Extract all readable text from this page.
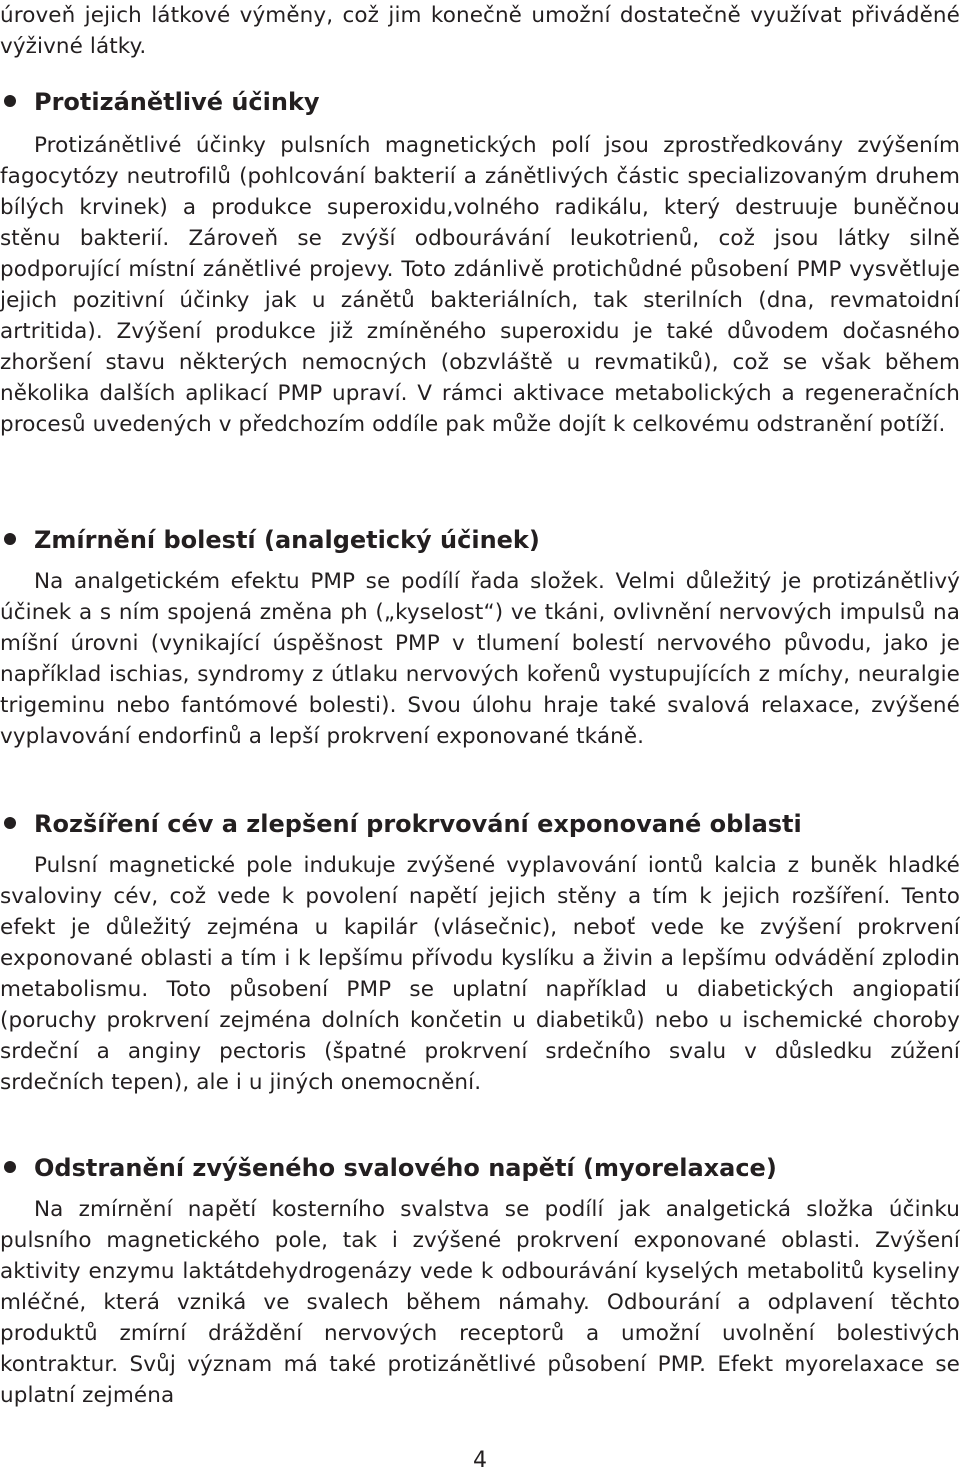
úroveň jejich látkové výměny, což jim konečně umožní dostatečně využívat přiváděné výživné látky.

Protizánětlivé účinky

Protizánětlivé účinky pulsních magnetických polí jsou zprostředkovány zvýšením fagocytózy neutrofilů (pohlcování bakterií a zánětlivých částic specializovaným druhem bílých krvinek) a produkce superoxidu,volného radikálu, který destruuje buněčnou stěnu bakterií. Zároveň se zvýší odbourávání leukotrienů, což jsou látky silně podporující místní zánětlivé projevy. Toto zdánlivě protichůdné působení PMP vysvětluje jejich pozitivní účinky jak u zánětů bakteriálních, tak sterilních (dna, revmatoidní artritida). Zvýšení produkce již zmíněného superoxidu je také důvodem dočasného zhoršení stavu některých nemocných (obzvláště u revmatiků), což se však během několika dalších aplikací PMP upraví. V rámci aktivace metabolických a regeneračních procesů uvedených v předchozím oddíle pak může dojít k celkovému odstranění potíží.

Zmírnění bolestí (analgetický účinek)

Na analgetickém efektu PMP se podílí řada složek. Velmi důležitý je protizánětlivý účinek a s ním spojená změna ph („kyselost“) ve tkáni, ovlivnění nervových impulsů na míšní úrovni (vynikající úspěšnost PMP v tlumení bolestí nervového původu, jako je například ischias, syndromy z útlaku nervových kořenů vystupujících z míchy, neuralgie trigeminu nebo fantómové bolesti). Svou úlohu hraje také svalová relaxace, zvýšené vyplavování endorfinů a lepší prokrvení exponované tkáně.

Rozšíření cév a zlepšení prokrvování exponované oblasti

Pulsní magnetické pole indukuje zvýšené vyplavování iontů kalcia z buněk hladké svaloviny cév, což vede k povolení napětí jejich stěny a tím k jejich rozšíření. Tento efekt je důležitý zejména u kapilár (vlásečnic), neboť vede ke zvýšení prokrvení exponované oblasti a tím i k lepšímu přívodu kyslíku a živin a lepšímu odvádění zplodin metabolismu. Toto působení PMP se uplatní například u diabetických angiopatií (poruchy prokrvení zejména dolních končetin u diabetiků) nebo u ischemické choroby srdeční a anginy pectoris (špatné prokrvení srdečního svalu v důsledku zúžení srdečních tepen), ale i u jiných onemocnění.

Odstranění zvýšeného svalového napětí (myorelaxace)

Na zmírnění napětí kosterního svalstva se podílí jak analgetická složka účinku pulsního magnetického pole, tak i zvýšené prokrvení exponované oblasti. Zvýšení aktivity enzymu laktátdehydrogenázy vede k odbourávání kyselých metabolitů kyseliny mléčné, která vzniká ve svalech během námahy. Odbourání a odplavení těchto produktů zmírní dráždění nervových receptorů a umožní uvolnění bolestivých kontraktur. Svůj význam má také protizánětlivé působení PMP. Efekt myorelaxace se uplatní zejména

4
